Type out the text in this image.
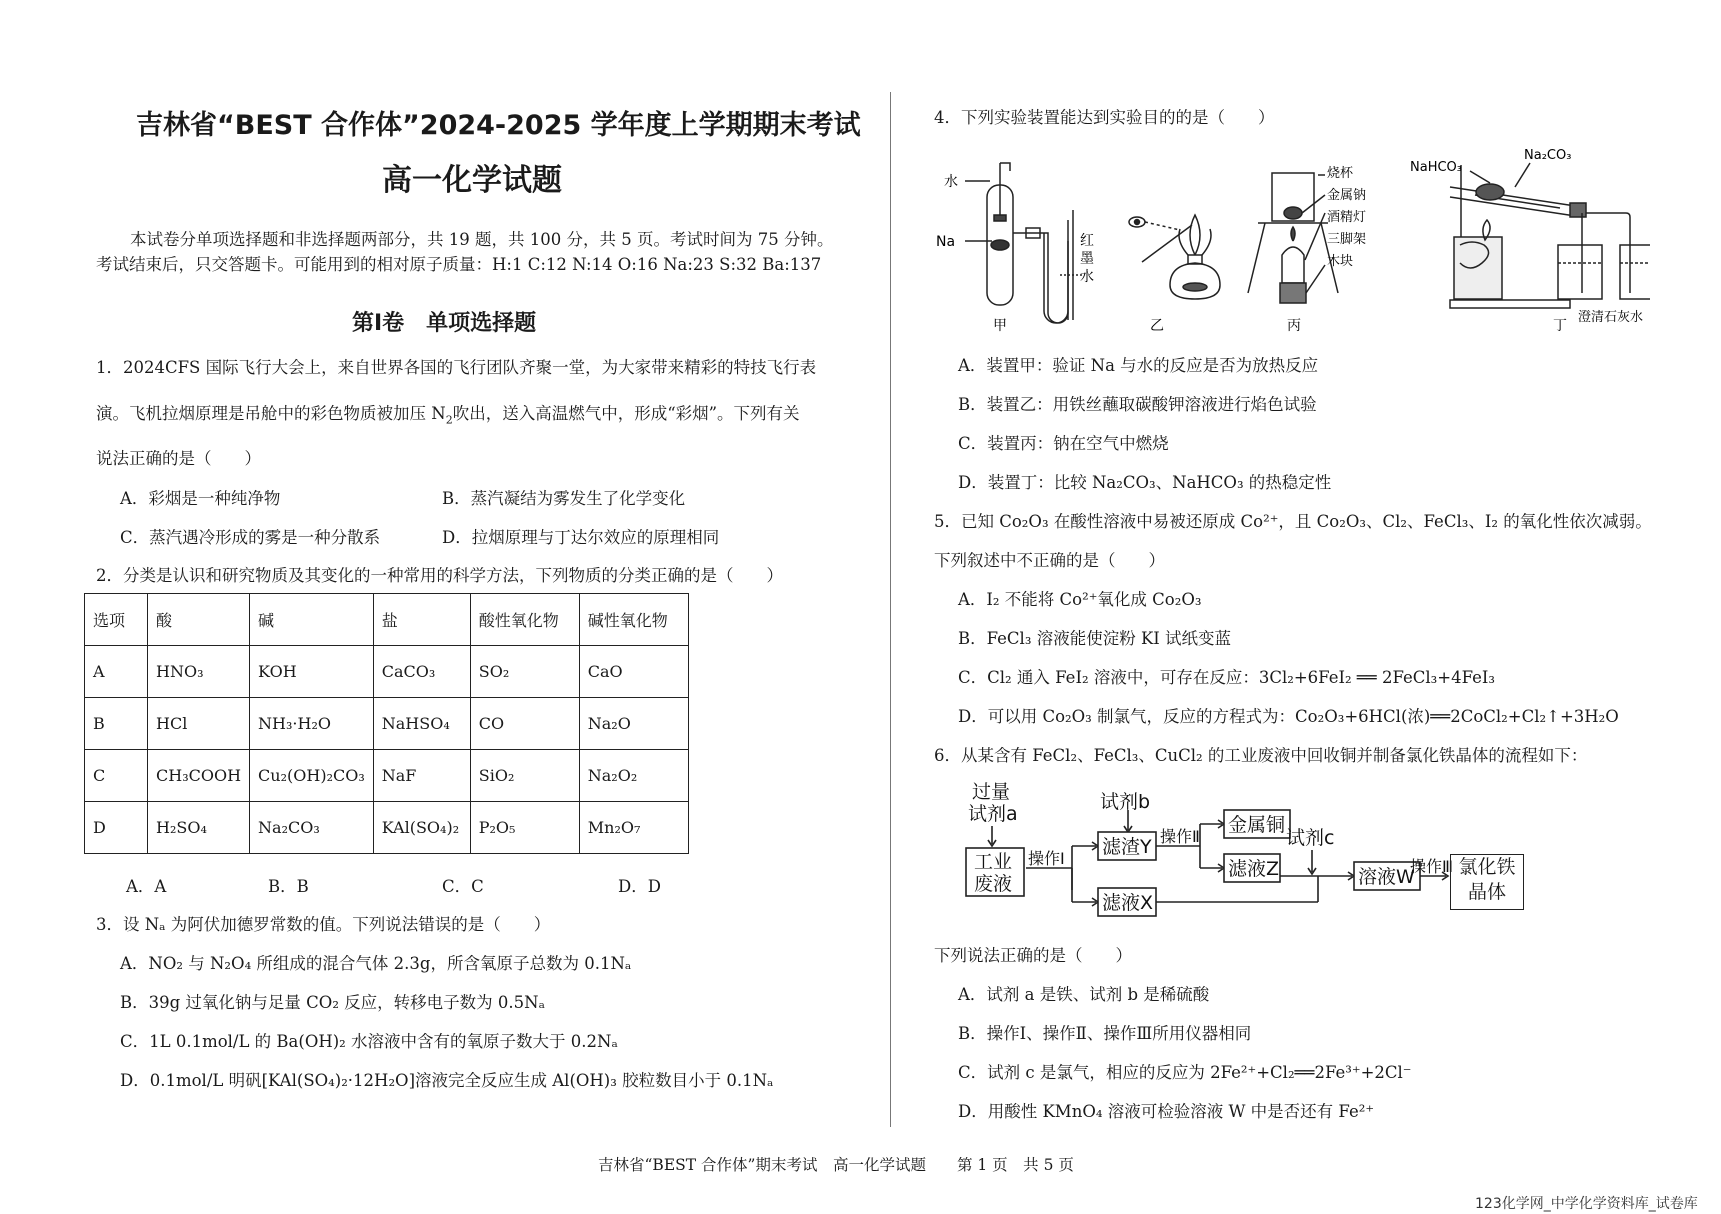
吉林省“BEST 合作体”2024-2025 学年度上学期期末考试
高一化学试题
本试卷分单项选择题和非选择题两部分，共 19 题，共 100 分，共 5 页。考试时间为 75 分钟。
考试结束后，只交答题卡。可能用到的相对原子质量：H:1 C:12 N:14 O:16 Na:23 S:32 Ba:137
第Ⅰ卷　单项选择题
1．2024CFS 国际飞行大会上，来自世界各国的飞行团队齐聚一堂，为大家带来精彩的特技飞行表
演。飞机拉烟原理是吊舱中的彩色物质被加压 $N_2$吹出，送入高温燃气中，形成“彩烟”。下列有关
说法正确的是（　　）
A．彩烟是一种纯净物	B．蒸汽凝结为雾发生了化学变化
C．蒸汽遇冷形成的雾是一种分散系	D．拉烟原理与丁达尔效应的原理相同
2．分类是认识和研究物质及其变化的一种常用的科学方法，下列物质的分类正确的是（　　）
选项	酸	碱	盐	酸性氧化物	碱性氧化物
A	HNO₃	KOH	CaCO₃	SO₂	CaO
B	HCl	NH₃·H₂O	NaHSO₄	CO	Na₂O
C	CH₃COOH	Cu₂(OH)₂CO₃	NaF	SiO₂	Na₂O₂
D	H₂SO₄	Na₂CO₃	KAl(SO₄)₂	P₂O₅	Mn₂O₇
A．A	B．B	C．C	D．D
3．设 Nₐ 为阿伏加德罗常数的值。下列说法错误的是（　　）
A．NO₂ 与 N₂O₄ 所组成的混合气体 2.3g，所含氧原子总数为 0.1Nₐ
B．39g 过氧化钠与足量 CO₂ 反应，转移电子数为 0.5Nₐ
C．1L 0.1mol/L 的 Ba(OH)₂ 水溶液中含有的氧原子数大于 0.2Nₐ
D．0.1mol/L 明矾[KAl(SO₄)₂·12H₂O]溶液完全反应生成 Al(OH)₃ 胶粒数目小于 0.1Nₐ
4．下列实验装置能达到实验目的的是（　　）
水
Na	红
墨
水
甲	乙
烧杯
金属钠
酒精灯
三脚架
木块
丙
NaHCO₃
Na₂CO₃
澄清石灰水
丁
A．装置甲：验证 Na 与水的反应是否为放热反应
B．装置乙：用铁丝蘸取碳酸钾溶液进行焰色试验
C．装置丙：钠在空气中燃烧
D．装置丁：比较 Na₂CO₃、NaHCO₃ 的热稳定性
5．已知 Co₂O₃ 在酸性溶液中易被还原成 Co²⁺，且 Co₂O₃、Cl₂、FeCl₃、I₂ 的氧化性依次减弱。
下列叙述中不正确的是（　　）
A．I₂ 不能将 Co²⁺氧化成 Co₂O₃
B．FeCl₃ 溶液能使淀粉 KI 试纸变蓝
C．Cl₂ 通入 FeI₂ 溶液中，可存在反应：3Cl₂+6FeI₂ ══ 2FeCl₃+4FeI₃
D．可以用 Co₂O₃ 制氯气，反应的方程式为：Co₂O₃+6HCl(浓)══2CoCl₂+Cl₂↑+3H₂O
6．从某含有 FeCl₂、FeCl₃、CuCl₂ 的工业废液中回收铜并制备氯化铁晶体的流程如下：
过量
试剂a
工业
废液
滤渣Y
试剂b
金属铜
滤液Z
滤液X
试剂c
溶液W
操作Ⅰ
操作Ⅱ
操作Ⅲ 氯化铁
晶体
下列说法正确的是（　　）
A．试剂 a 是铁、试剂 b 是稀硫酸
B．操作Ⅰ、操作Ⅱ、操作Ⅲ所用仪器相同
C．试剂 c 是氯气，相应的反应为 2Fe²⁺+Cl₂══2Fe³⁺+2Cl⁻
D．用酸性 KMnO₄ 溶液可检验溶液 W 中是否还有 Fe²⁺
吉林省“BEST 合作体”期末考试　高一化学试题　　第 1 页　共 5 页
123化学网_中学化学资料库_试卷库
